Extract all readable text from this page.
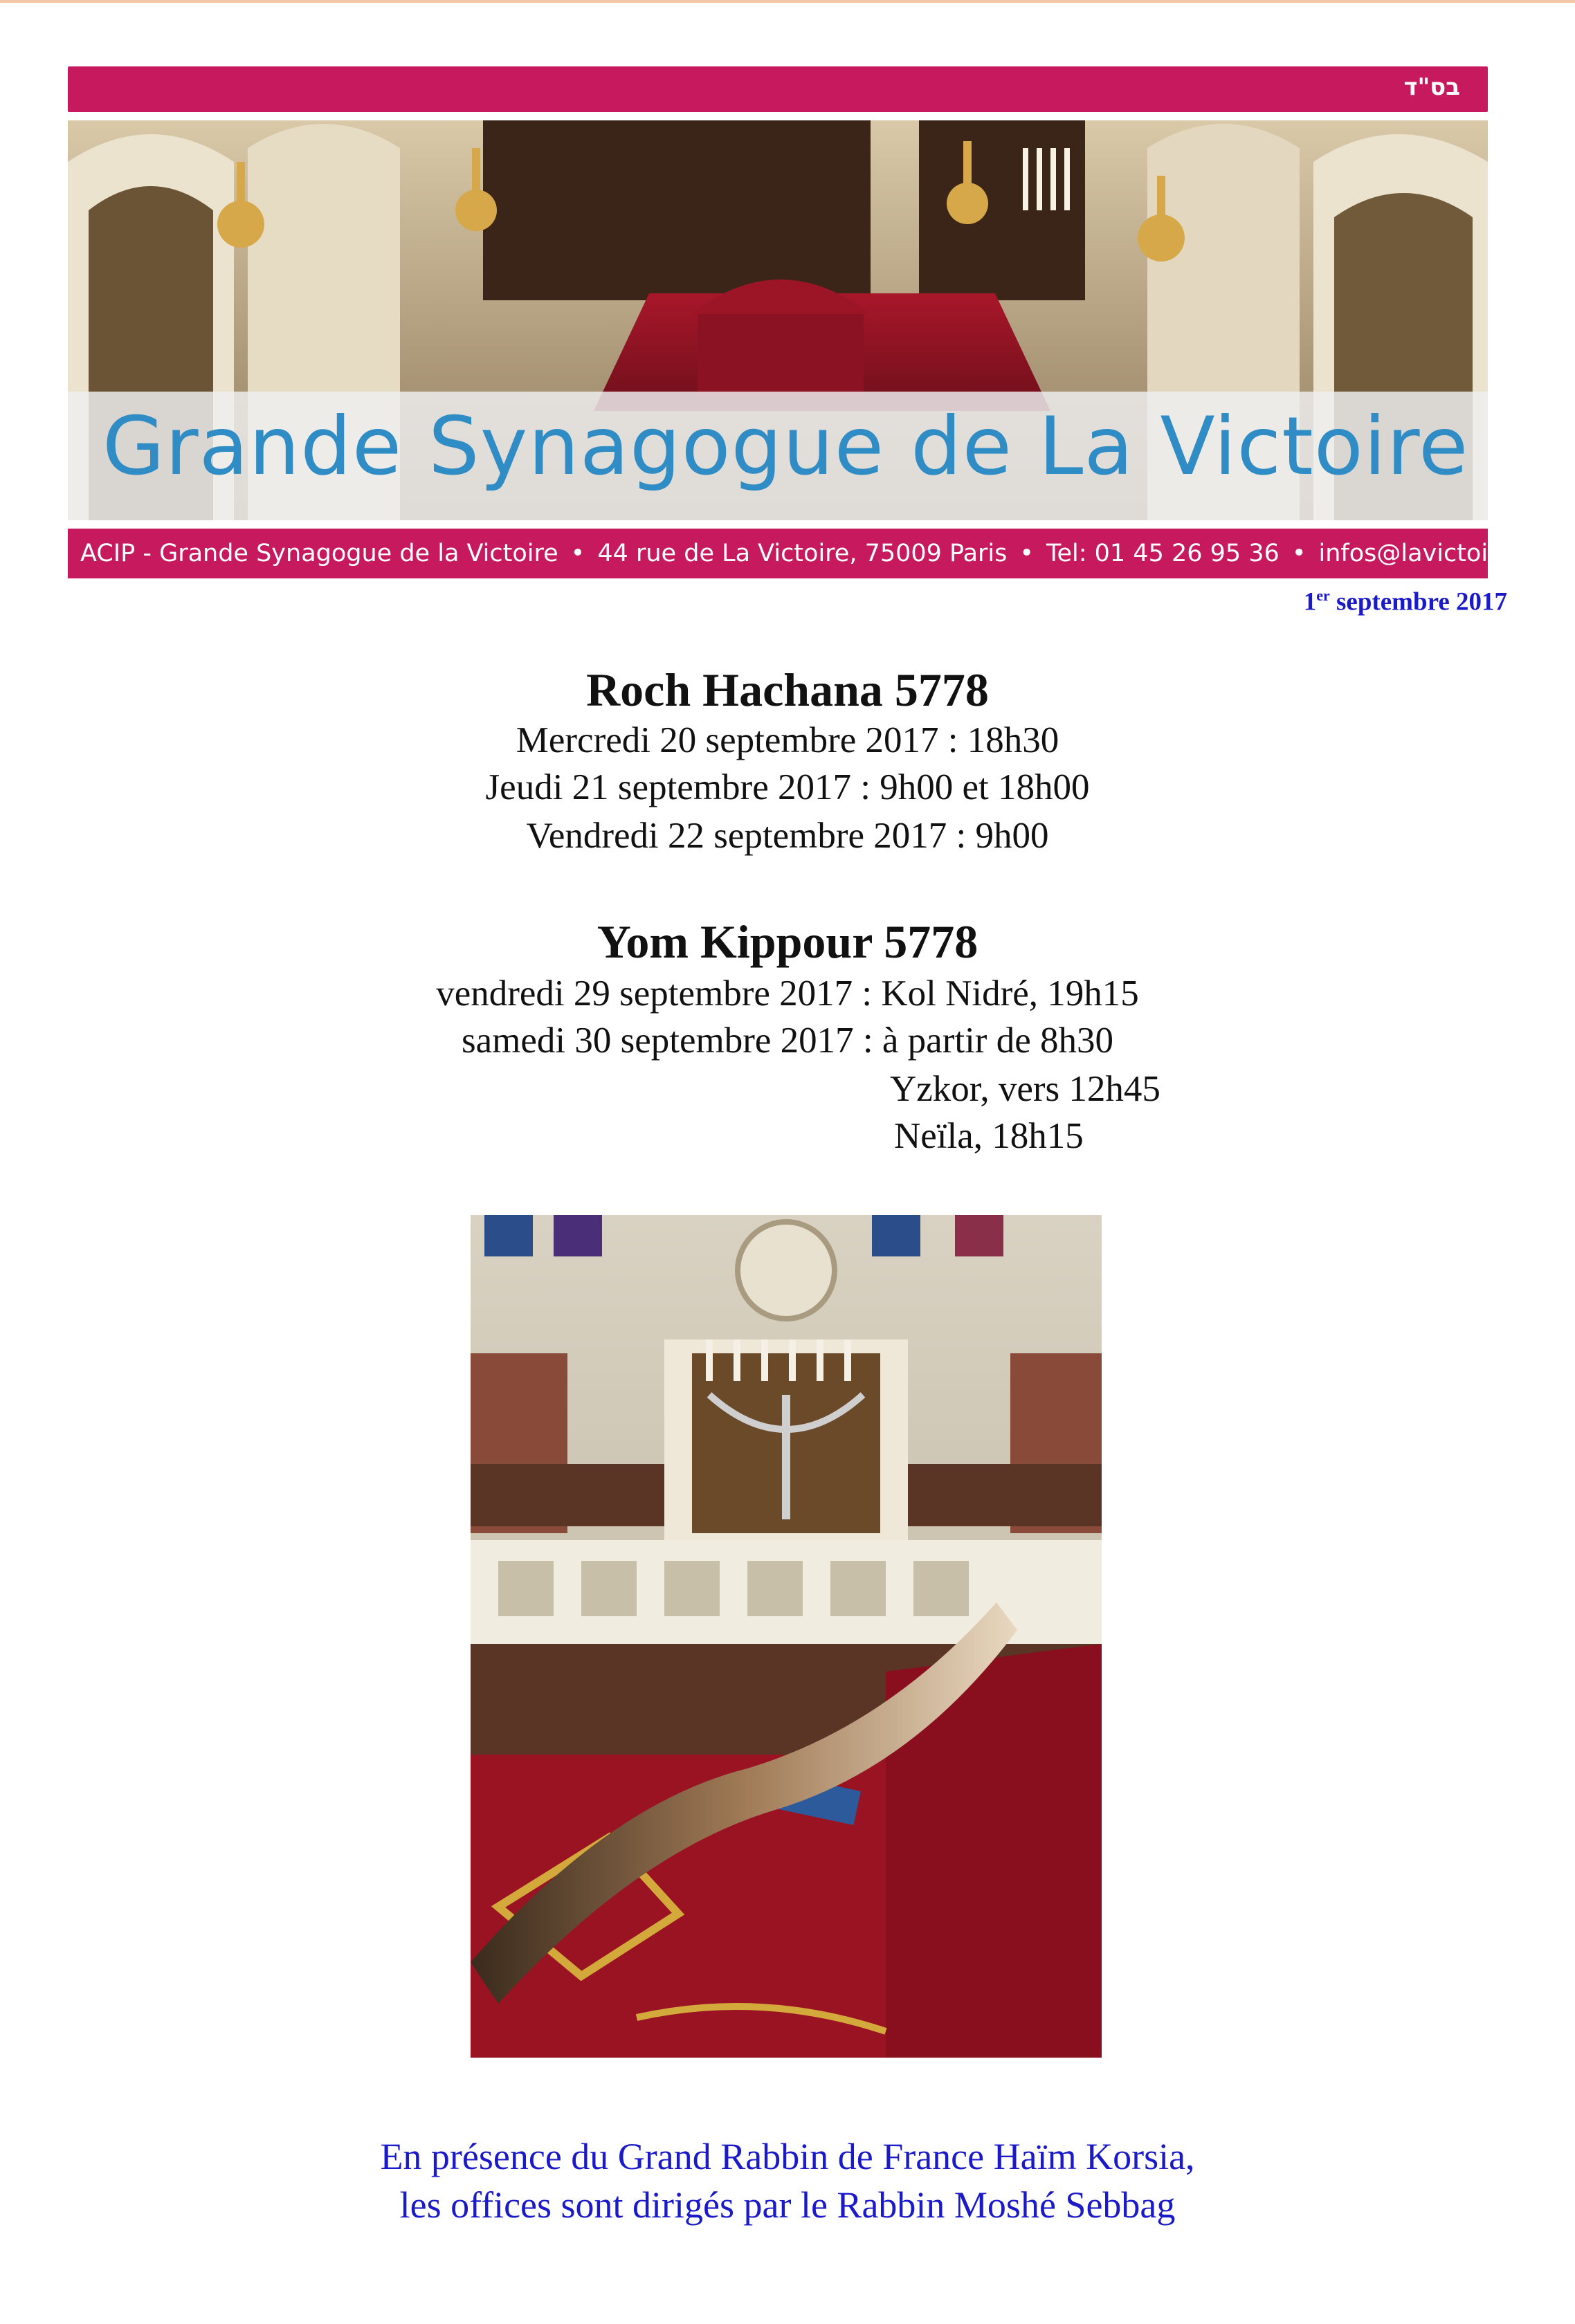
בס"ד
Grande Synagogue de La Victoire
ACIP - Grande Synagogue de la Victoire • 44 rue de La Victoire, 75009 Paris • Tel: 01 45 26 95 36 • infos@lavictoire.org
1er septembre 2017
Roch Hachana 5778
Mercredi 20 septembre 2017 : 18h30
Jeudi 21 septembre 2017 : 9h00 et 18h00
Vendredi 22 septembre 2017 : 9h00
Yom Kippour 5778
vendredi 29 septembre 2017 : Kol Nidré, 19h15
samedi 30 septembre 2017 : à partir de 8h30
Yzkor, vers 12h45
Neïla, 18h15
En présence du Grand Rabbin de France Haïm Korsia,
les offices sont dirigés par le Rabbin Moshé Sebbag
